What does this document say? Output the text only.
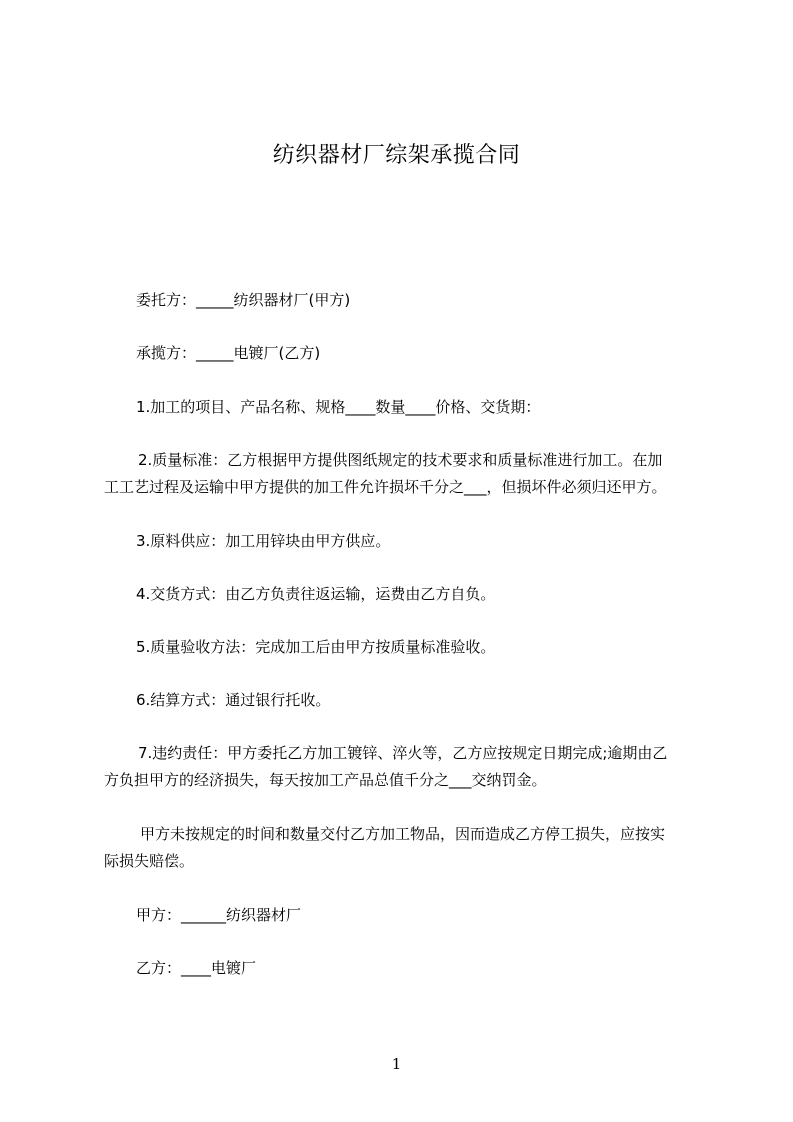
纺织器材厂综架承揽合同
委托方：_____纺织器材厂(甲方)
承揽方：_____电镀厂(乙方)
1.加工的项目、产品名称、规格____数量____价格、交货期：
2.质量标准：乙方根据甲方提供图纸规定的技术要求和质量标准进行加工。在加
工工艺过程及运输中甲方提供的加工件允许损坏千分之___，但损坏件必须归还甲方。
3.原料供应：加工用锌块由甲方供应。
4.交货方式：由乙方负责往返运输，运费由乙方自负。
5.质量验收方法：完成加工后由甲方按质量标准验收。
6.结算方式：通过银行托收。
7.违约责任：甲方委托乙方加工镀锌、淬火等，乙方应按规定日期完成;逾期由乙
方负担甲方的经济损失，每天按加工产品总值千分之___交纳罚金。
甲方未按规定的时间和数量交付乙方加工物品，因而造成乙方停工损失，应按实
际损失赔偿。
甲方：______纺织器材厂
乙方：____电镀厂
1
